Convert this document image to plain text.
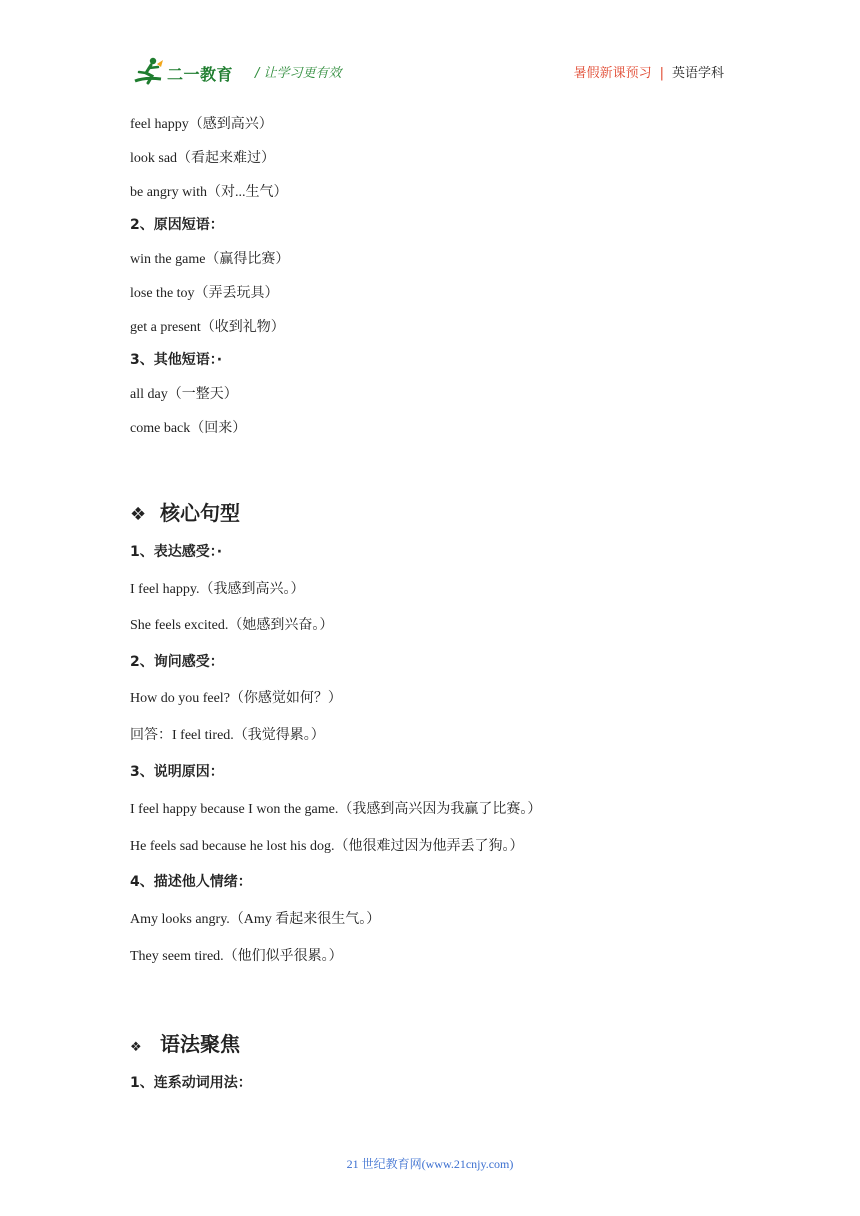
二一教育 / 让学习更有效	暑假新课预习 | 英语学科
feel happy（感到高兴）
look sad（看起来难过）
be angry with（对...生气）
2、原因短语：
win the game（赢得比赛）
lose the toy（弄丢玩具）
get a present（收到礼物）
3、其他短语：·
all day（一整天）
come back（回来）
❖ 核心句型
1、表达感受：·
I feel happy.（我感到高兴。）
She feels excited.（她感到兴奋。）
2、询问感受：
How do you feel?（你感觉如何？）
回答：I feel tired.（我觉得累。）
3、说明原因：
I feel happy because I won the game.（我感到高兴因为我赢了比赛。）
He feels sad because he lost his dog.（他很难过因为他弄丢了狗。）
4、描述他人情绪：
Amy looks angry.（Amy 看起来很生气。）
They seem tired.（他们似乎很累。）
❖ 语法聚焦
1、连系动词用法：
21 世纪教育网(www.21cnjy.com)
